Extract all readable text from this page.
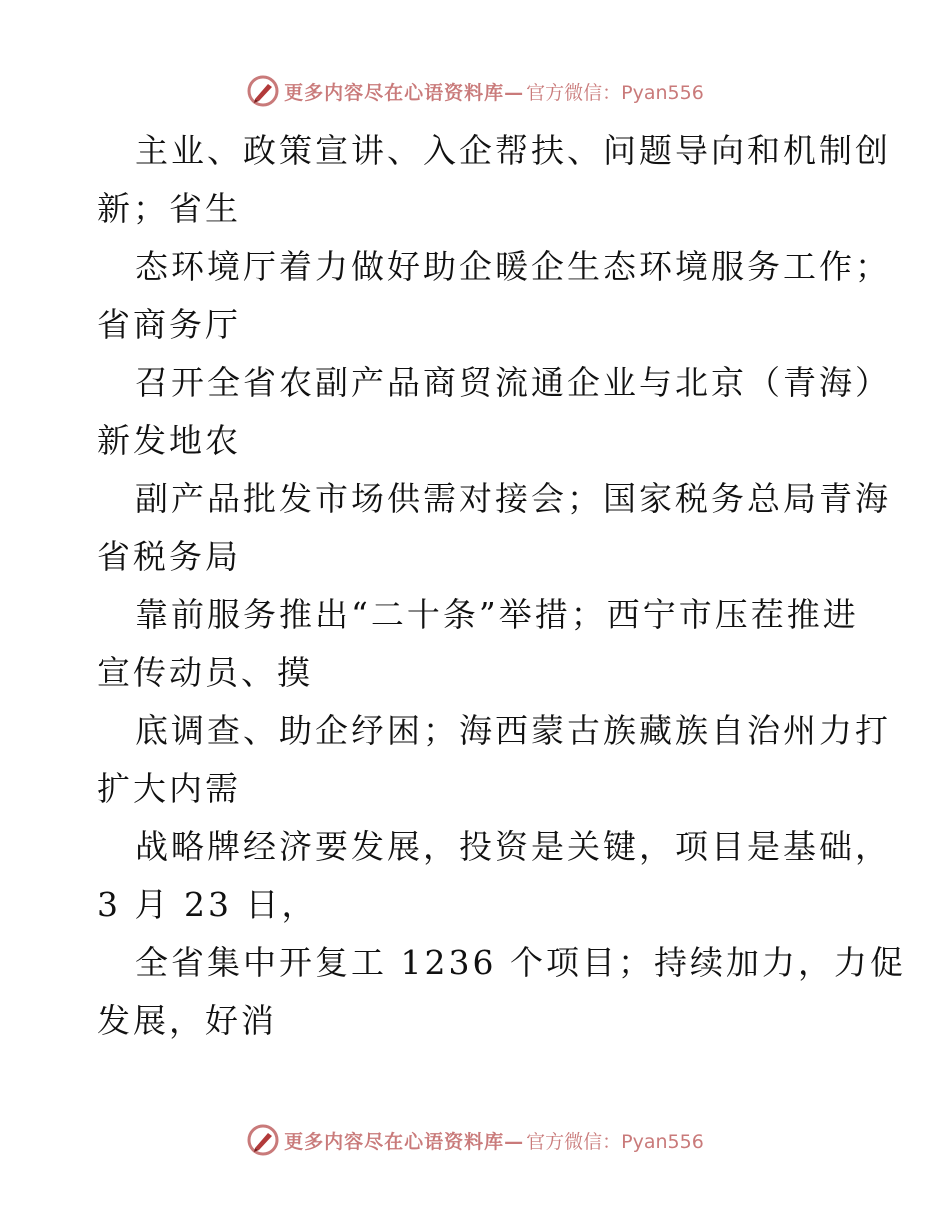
更多内容尽在心语资料库— 官方微信：Pyan556
主业、政策宣讲、入企帮扶、问题导向和机制创
新；省生
态环境厅着力做好助企暖企生态环境服务工作；
省商务厅
召开全省农副产品商贸流通企业与北京（青海）
新发地农
副产品批发市场供需对接会；国家税务总局青海
省税务局
靠前服务推出“二十条”举措；西宁市压茬推进
宣传动员、摸
底调查、助企纾困；海西蒙古族藏族自治州力打
扩大内需
战略牌经济要发展，投资是关键，项目是基础，
3 月 23 日，
全省集中开复工 1236 个项目；持续加力，力促
发展，好消
更多内容尽在心语资料库— 官方微信：Pyan556
